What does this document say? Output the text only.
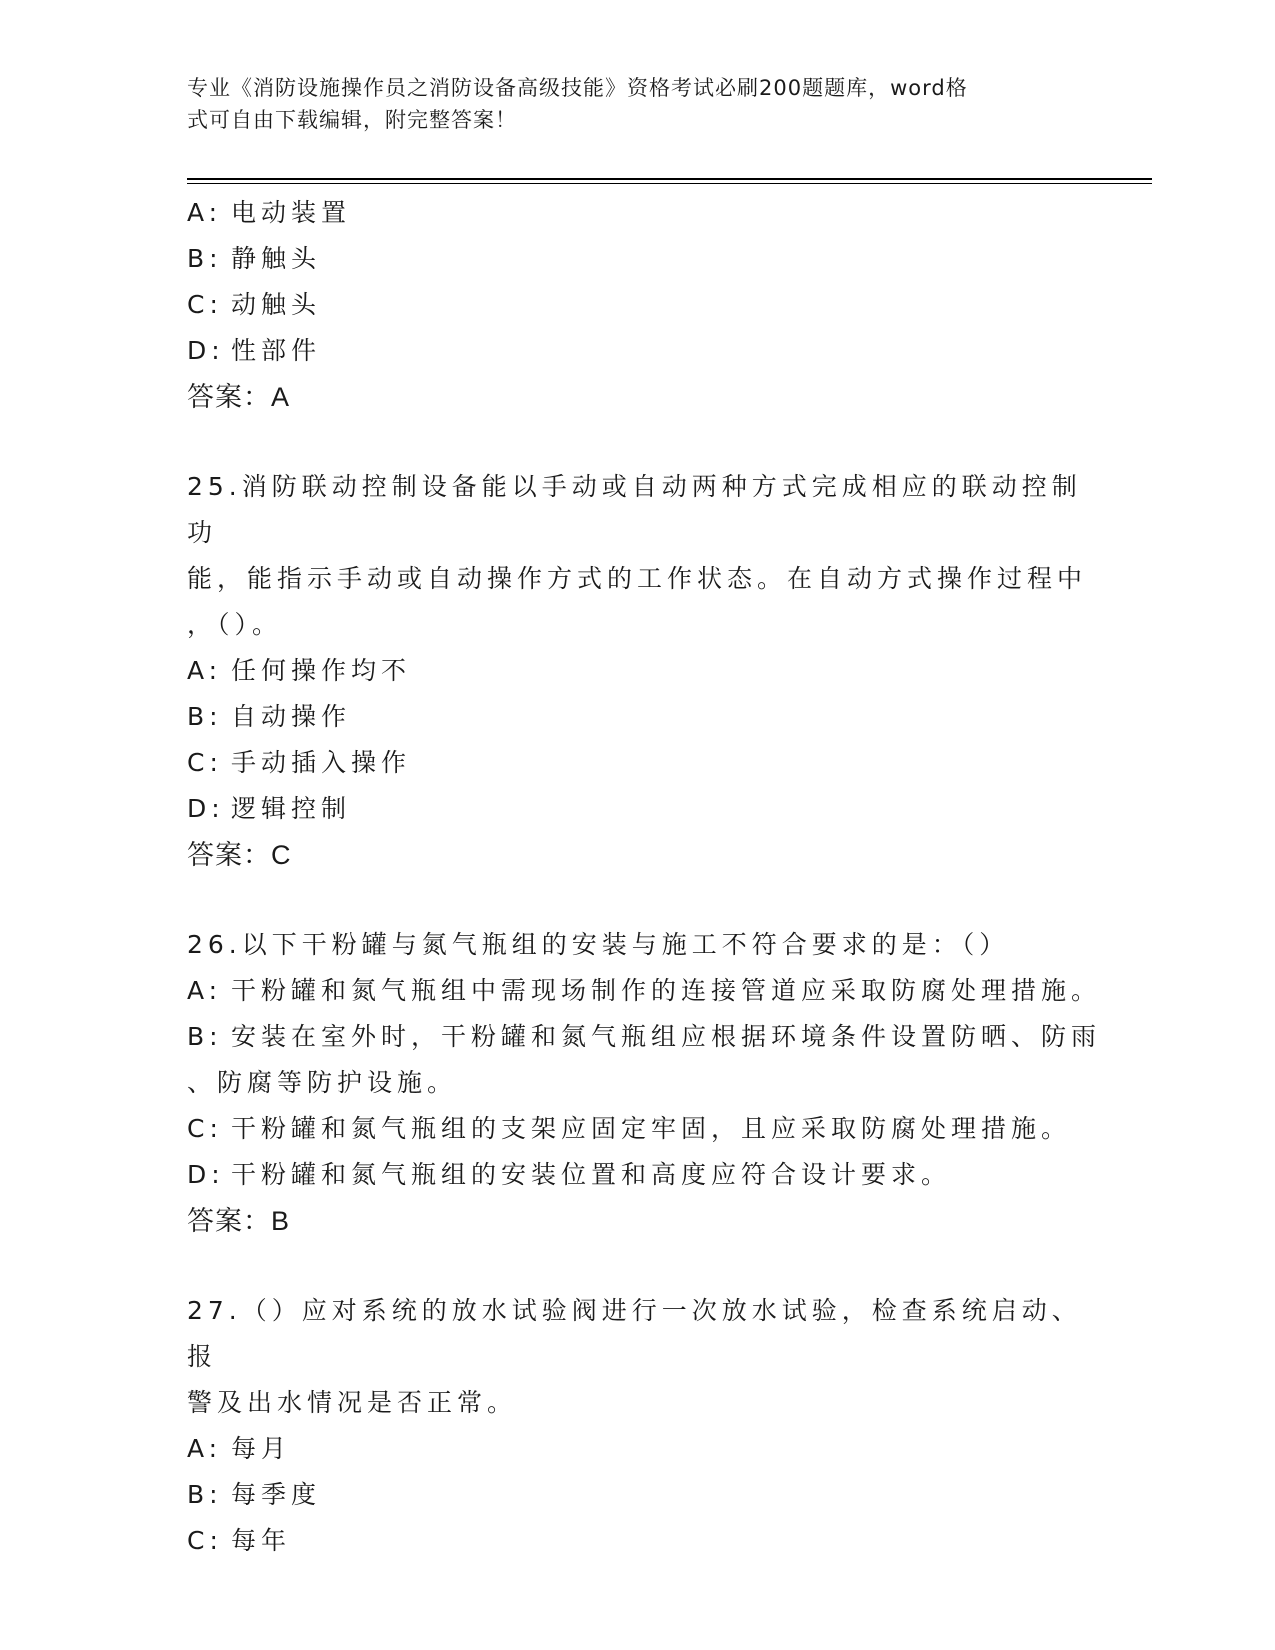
专业《消防设施操作员之消防设备高级技能》资格考试必刷200题题库，word格
式可自由下载编辑，附完整答案！
A: 电动装置
B: 静触头
C: 动触头
D: 性部件
答案：A
25.消防联动控制设备能以手动或自动两种方式完成相应的联动控制功
能，能指示手动或自动操作方式的工作状态。在自动方式操作过程中
，（）。
A: 任何操作均不
B: 自动操作
C: 手动插入操作
D: 逻辑控制
答案：C
26.以下干粉罐与氮气瓶组的安装与施工不符合要求的是：（）
A: 干粉罐和氮气瓶组中需现场制作的连接管道应采取防腐处理措施。
B: 安装在室外时，干粉罐和氮气瓶组应根据环境条件设置防晒、防雨
、防腐等防护设施。
C: 干粉罐和氮气瓶组的支架应固定牢固，且应采取防腐处理措施。
D: 干粉罐和氮气瓶组的安装位置和高度应符合设计要求。
答案：B
27.（）应对系统的放水试验阀进行一次放水试验，检查系统启动、报
警及出水情况是否正常。
A: 每月
B: 每季度
C: 每年
